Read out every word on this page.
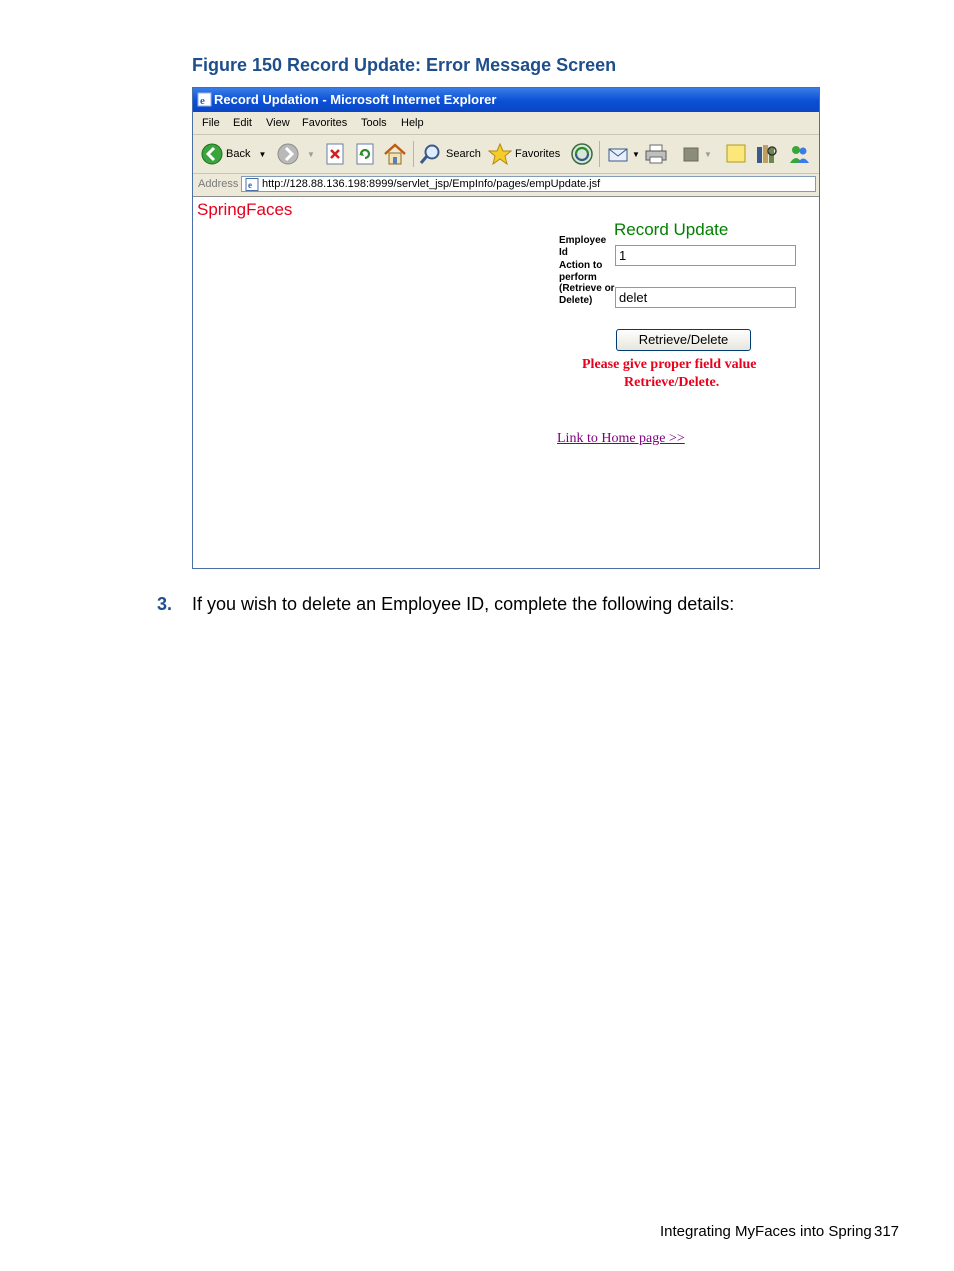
Figure 150 Record Update: Error Message Screen
e Record Updation - Microsoft Internet Explorer
File Edit View Favorites Tools Help
Back ▼	▼	Search	Favorites	▼	▼
Address e http://128.88.136.198:8999/servlet_jsp/EmpInfo/pages/empUpdate.jsf
SpringFaces
Record Update
Employee Id	1
Action to perform (Retrieve or Delete)	delet
Retrieve/Delete
Please give proper field value
Retrieve/Delete.
Link to Home page >>
3. If you wish to delete an Employee ID, complete the following details:
Integrating MyFaces into Spring 317
